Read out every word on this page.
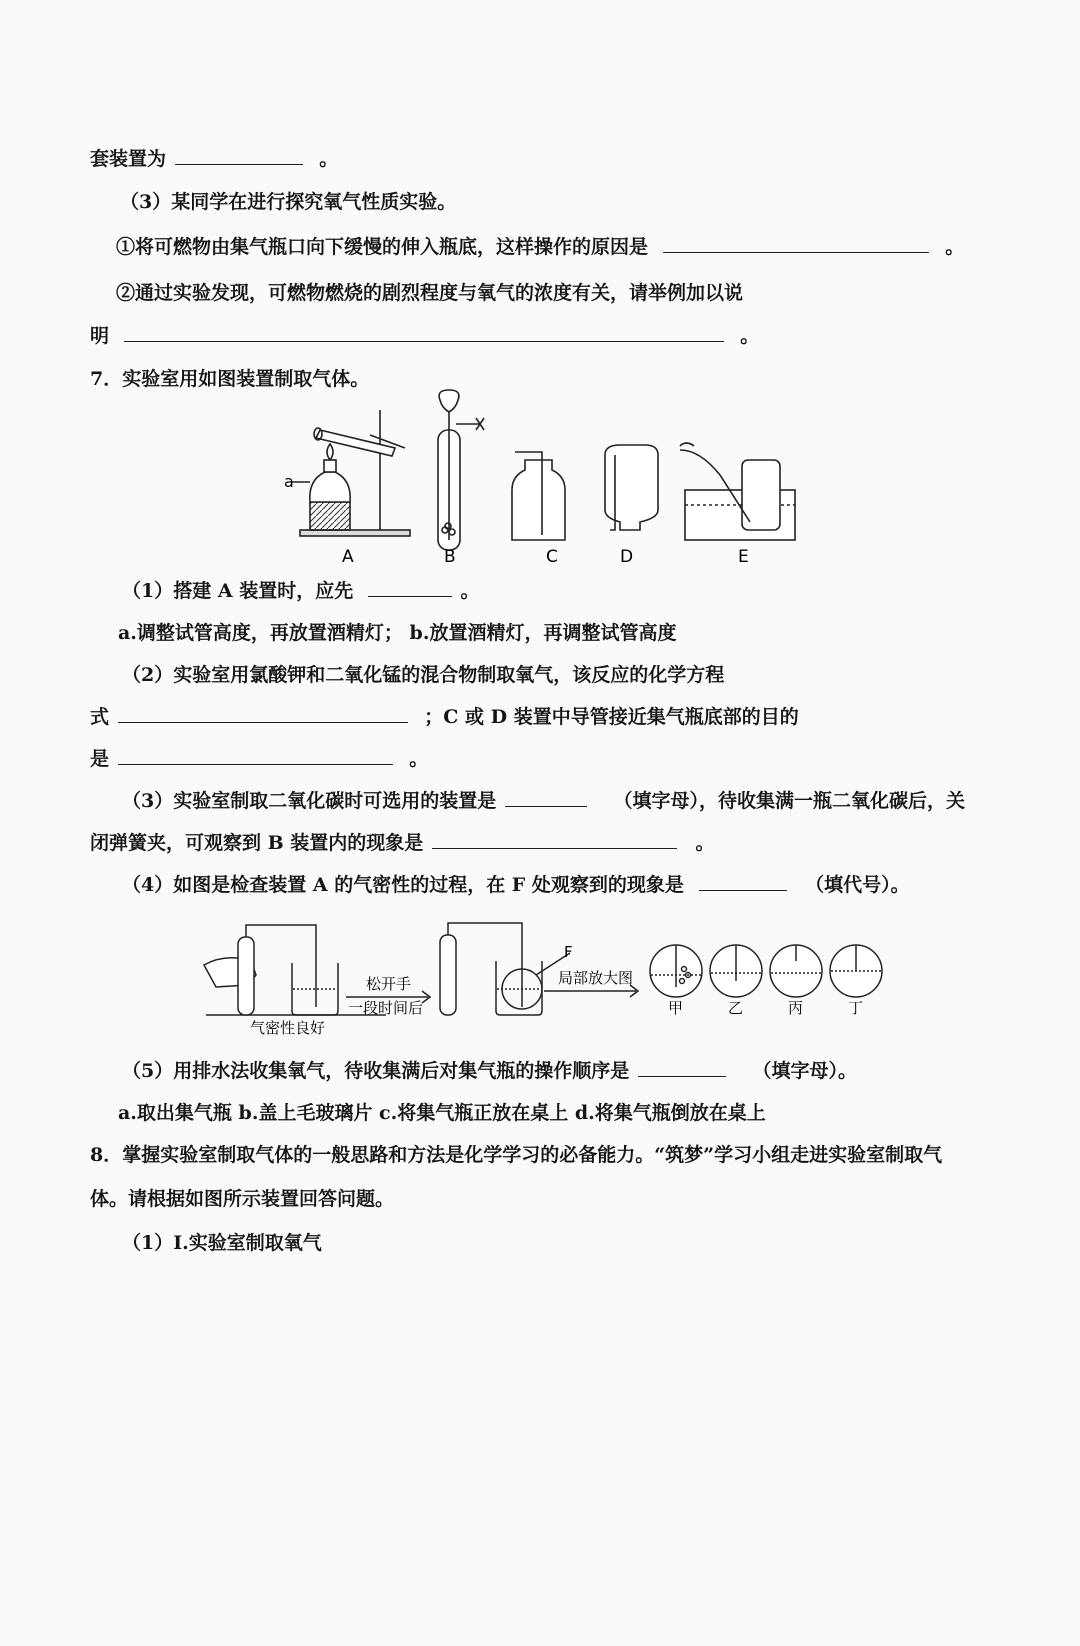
套装置为	。
（3）某同学在进行探究氧气性质实验。
①将可燃物由集气瓶口向下缓慢的伸入瓶底，这样操作的原因是	。
②通过实验发现，可燃物燃烧的剧烈程度与氧气的浓度有关，请举例加以说
明	。
7．实验室用如图装置制取气体。
a
A	B	C	D	E
（1）搭建 A 装置时，应先	。
a.调整试管高度，再放置酒精灯； b.放置酒精灯，再调整试管高度
（2）实验室用氯酸钾和二氧化锰的混合物制取氧气，该反应的化学方程
式	；C 或 D 装置中导管接近集气瓶底部的目的
是	。
（3）实验室制取二氧化碳时可选用的装置是	（填字母），待收集满一瓶二氧化碳后，关
闭弹簧夹，可观察到 B 装置内的现象是	。
（4）如图是检查装置 A 的气密性的过程，在 F 处观察到的现象是	（填代号）。
松开手
一段时间后
气密性良好
F
局部放大图
甲	乙	丙	丁
（5）用排水法收集氧气，待收集满后对集气瓶的操作顺序是	（填字母）。
a.取出集气瓶 b.盖上毛玻璃片 c.将集气瓶正放在桌上 d.将集气瓶倒放在桌上
8．掌握实验室制取气体的一般思路和方法是化学学习的必备能力。“筑梦”学习小组走进实验室制取气
体。请根据如图所示装置回答问题。
（1）Ⅰ.实验室制取氧气
